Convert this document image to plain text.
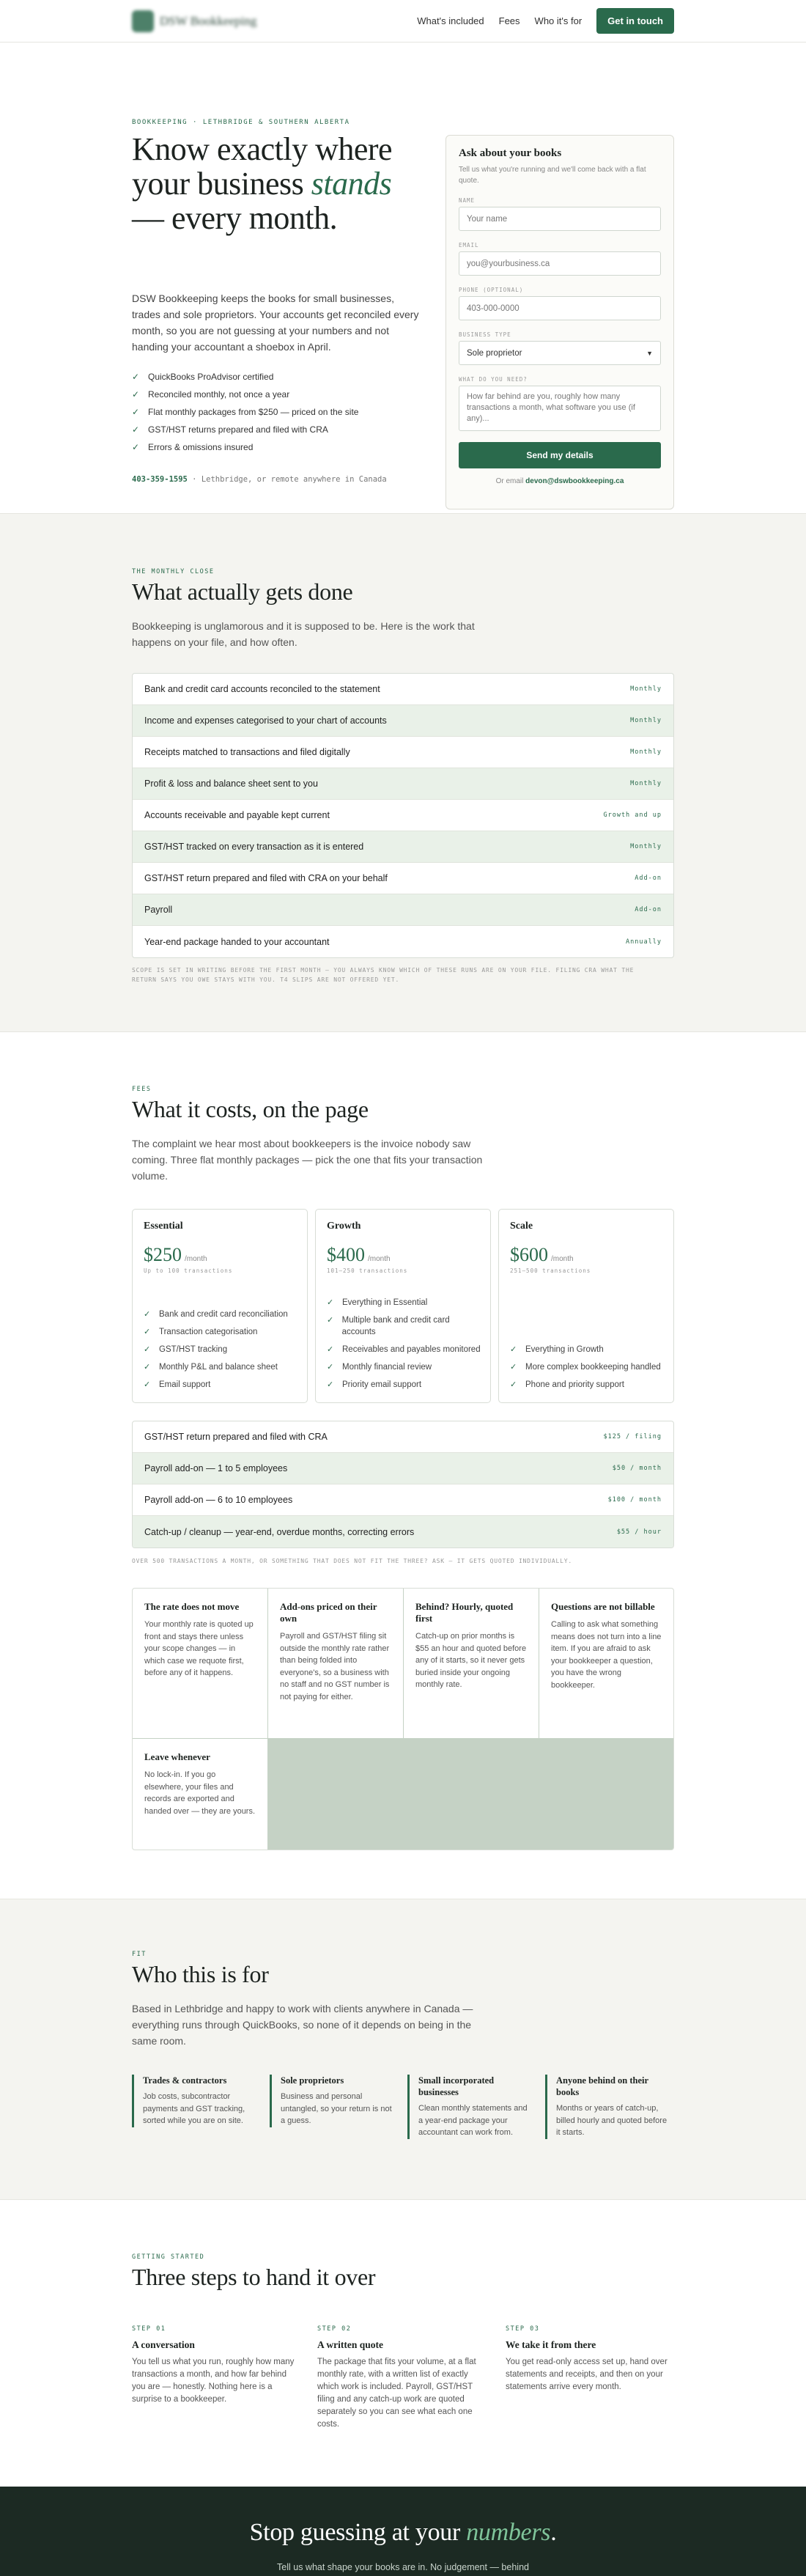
DSW Bookkeeping	What's included Fees Who it's for	Get in touch
BOOKKEEPING · LETHBRIDGE & SOUTHERN ALBERTA
Know exactly where your business stands — every month.

DSW Bookkeeping keeps the books for small businesses, trades and sole proprietors. Your accounts get reconciled every month, so you are not guessing at your numbers and not handing your accountant a shoebox in April.

✓ QuickBooks ProAdvisor certified
✓ Reconciled monthly, not once a year
✓ Flat monthly packages from $250 — priced on the site
✓ GST/HST returns prepared and filed with CRA
✓ Errors & omissions insured
403-359-1595 · Lethbridge, or remote anywhere in Canada
Ask about your books

Tell us what you're running and we'll come back with a flat quote.

NAME
Your name
EMAIL
you@yourbusiness.ca
PHONE (OPTIONAL)
403-000-0000
BUSINESS TYPE
Sole proprietor	▼
WHAT DO YOU NEED?
How far behind are you, roughly how many transactions a month, what software you use (if any)...
Send my details

Or email devon@dswbookkeeping.ca

THE MONTHLY CLOSE
What actually gets done

Bookkeeping is unglamorous and it is supposed to be. Here is the work that happens on your file, and how often.

SCOPE IS SET IN WRITING BEFORE THE FIRST MONTH — YOU ALWAYS KNOW WHICH OF THESE RUNS ARE ON YOUR FILE. FILING CRA WHAT THE RETURN SAYS YOU OWE STAYS WITH YOU. T4 SLIPS ARE NOT OFFERED YET.
Bank and credit card accounts reconciled to the statement	Monthly
Income and expenses categorised to your chart of accounts	Monthly
Receipts matched to transactions and filed digitally	Monthly
Profit & loss and balance sheet sent to you	Monthly
Accounts receivable and payable kept current	Growth and up
GST/HST tracked on every transaction as it is entered	Monthly
GST/HST return prepared and filed with CRA on your behalf	Add-on
Payroll	Add-on
Year-end package handed to your accountant	Annually
FEES
What it costs, on the page

The complaint we hear most about bookkeepers is the invoice nobody saw coming. Three flat monthly packages — pick the one that fits your transaction volume.

OVER 500 TRANSACTIONS A MONTH, OR SOMETHING THAT DOES NOT FIT THE THREE? ASK — IT GETS QUOTED INDIVIDUALLY.
Essential
$250 /month
Up to 100 transactions
✓ Bank and credit card reconciliation
✓ Transaction categorisation
✓ GST/HST tracking
✓ Monthly P&L and balance sheet
✓ Email support
Growth
$400 /month
101–250 transactions
✓ Everything in Essential
✓ Multiple bank and credit card accounts
✓ Receivables and payables monitored
✓ Monthly financial review
✓ Priority email support
Scale
$600 /month
251–500 transactions
✓ Everything in Growth
✓ More complex bookkeeping handled
✓ Phone and priority support
GST/HST return prepared and filed with CRA	$125 / filing
Payroll add-on — 1 to 5 employees	$50 / month
Payroll add-on — 6 to 10 employees	$100 / month
Catch-up / cleanup — year-end, overdue months, correcting errors	$55 / hour
The rate does not move

Your monthly rate is quoted up front and stays there unless your scope changes — in which case we requote first, before any of it happens.

Add-ons priced on their own

Payroll and GST/HST filing sit outside the monthly rate rather than being folded into everyone's, so a business with no staff and no GST number is not paying for either.

Behind? Hourly, quoted first

Catch-up on prior months is $55 an hour and quoted before any of it starts, so it never gets buried inside your ongoing monthly rate.

Questions are not billable

Calling to ask what something means does not turn into a line item. If you are afraid to ask your bookkeeper a question, you have the wrong bookkeeper.

Leave whenever

No lock-in. If you go elsewhere, your files and records are exported and handed over — they are yours.

FIT
Who this is for

Based in Lethbridge and happy to work with clients anywhere in Canada — everything runs through QuickBooks, so none of it depends on being in the same room.

Trades & contractors

Job costs, subcontractor payments and GST tracking, sorted while you are on site.

Sole proprietors

Business and personal untangled, so your return is not a guess.

Small incorporated businesses

Clean monthly statements and a year-end package your accountant can work from.

Anyone behind on their books

Months or years of catch-up, billed hourly and quoted before it starts.

GETTING STARTED
Three steps to hand it over
STEP 01
A conversation

You tell us what you run, roughly how many transactions a month, and how far behind you are — honestly. Nothing here is a surprise to a bookkeeper.

STEP 02
A written quote

The package that fits your volume, at a flat monthly rate, with a written list of exactly which work is included. Payroll, GST/HST filing and any catch-up work are quoted separately so you can see what each one costs.

STEP 03
We take it from there

You get read-only access set up, hand over statements and receipts, and then on your statements arrive every month.

Stop guessing at your numbers.

Tell us what shape your books are in. No judgement — behind
